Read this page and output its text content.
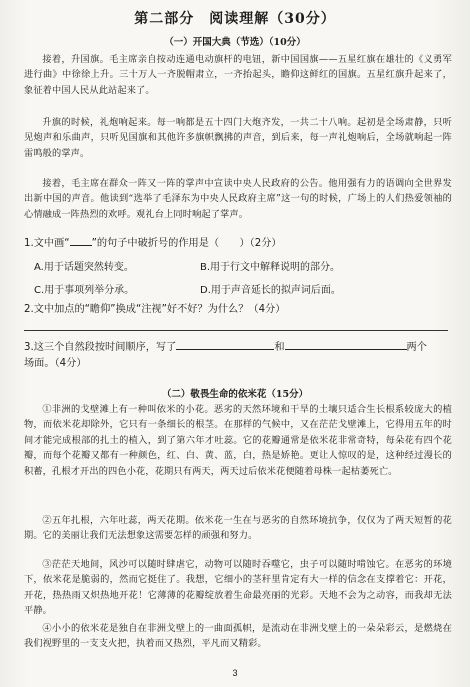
第二部分　阅读理解（30分）
（一）开国大典（节选）（10分）

接着，升国旗。毛主席亲自按动连通电动旗杆的电钮，新中国国旗——五星红旗在雄壮的《义勇军进行曲》中徐徐上升。三十万人一齐脱帽肃立，一齐抬起头，瞻仰这鲜红的国旗。五星红旗升起来了，象征着中国人民从此站起来了。

升旗的时候，礼炮响起来。每一响都是五十四门大炮齐发，一共二十八响。起初是全场肃静，只听见炮声和乐曲声，只听见国旗和其他许多旗帜飘拂的声音，到后来，每一声礼炮响后，全场就响起一阵雷鸣般的掌声。

接着，毛主席在群众一阵又一阵的掌声中宣读中央人民政府的公告。他用强有力的语调向全世界发出新中国的声音。他读到“选举了毛泽东为中央人民政府主席”这一句的时候，广场上的人们热爱领袖的心情融成一阵热烈的欢呼。观礼台上同时响起了掌声。

1.文中画“ ”的句子中破折号的作用是（　　）（2分）

A.用于话题突然转变。	B.用于行文中解释说明的部分。
C.用于事项列举分承。	D.用于声音延长的拟声词后面。

2.文中加点的“瞻仰”换成“注视”好不好？为什么？（4分）

3.这三个自然段按时间顺序，写了	和	两个

场面。（4分）

（二）敬畏生命的依米花（15分）

①非洲的戈壁滩上有一种叫依米的小花。恶劣的天然环境和干旱的土壤只适合生长根系较庞大的植物，而依米花却除外，它只有一条细长的根茎。在那样的气候中，又在茫茫戈壁滩上，它得用五年的时间才能完成根部的扎土的植入，到了第六年才吐蕊。它的花瓣通常是依米花非常奇特，每朵花有四个花瓣，而每个花瓣又都有一种颜色，红、白、黄、蓝，白，热是娇艳。更让人惊叹的是，这种经过漫长的积蓄，孔根才开出的四色小花，花期只有两天，两天过后依米花便随着母株一起枯萎死亡。

②五年扎根，六年吐蕊，两天花期。依米花一生在与恶劣的自然环境抗争，仅仅为了两天短暂的花期。它的美丽让我们无法想象这需要怎样的顽强和努力。

③茫茫天地间，风沙可以随时肆虐它，动物可以随时吞噬它，虫子可以随时啃蚀它。在恶劣的环境下，依米花是脆弱的，然而它挺住了。我想，它细小的茎秆里肯定有大一样的信念在支撑着它：开花，开花，热热雨又炽热地开花！它薄薄的花瓣绽放着生命最亮丽的光彩。天地不会为之动容，而我却无法平静。

④小小的依米花是独自在非洲戈壁上的一曲面孤帜，是流动在非洲戈壁上的一朵朵彩云，是燃烧在我们视野里的一支支火把，执着而又热烈，平凡而又精彩。

3
